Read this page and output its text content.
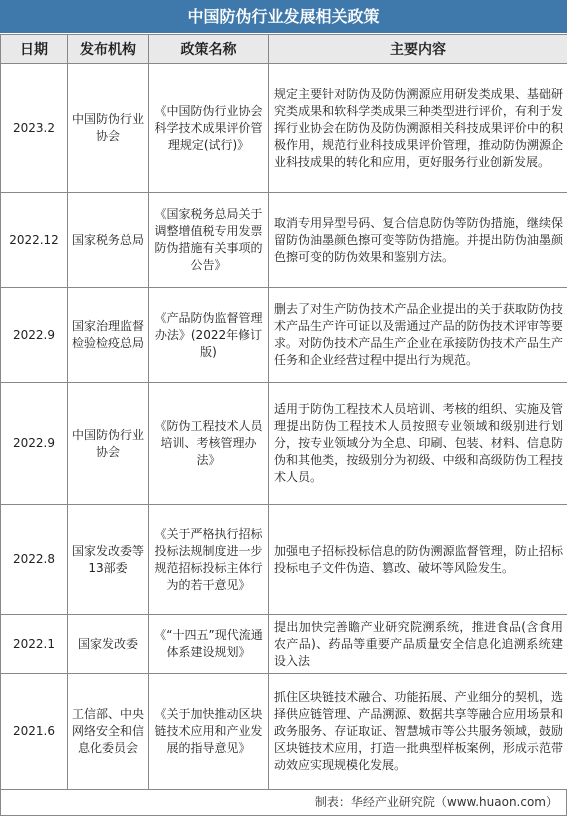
中国防伪行业发展相关政策
日期	发布机构	政策名称	主要内容
2023.2	中国防伪行业协会	《中国防伪行业协会科学技术成果评价管理规定(试行)》	规定主要针对防伪及防伪溯源应用研发类成果、基础研究类成果和软科学类成果三种类型进行评价，有利于发挥行业协会在防伪及防伪溯源相关科技成果评价中的积极作用，规范行业科技成果评价管理，推动防伪溯源企业科技成果的转化和应用，更好服务行业创新发展。
2022.12	国家税务总局	《国家税务总局关于调整增值税专用发票防伪措施有关事项的公告》	取消专用异型号码、复合信息防伪等防伪措施，继续保留防伪油墨颜色擦可变等防伪措施。并提出防伪油墨颜色擦可变的防伪效果和鉴别方法。
2022.9	国家治理监督检验检疫总局	《产品防伪监督管理办法》(2022年修订版)	删去了对生产防伪技术产品企业提出的关于获取防伪技术产品生产许可证以及需通过产品的防伪技术评审等要求。对防伪技术产品生产企业在承接防伪技术产品生产任务和企业经营过程中提出行为规范。
2022.9	中国防伪行业协会	《防伪工程技术人员培训、考核管理办法》	适用于防伪工程技术人员培训、考核的组织、实施及管理提出防伪工程技术人员按照专业领域和级别进行划分，按专业领域分为全息、印刷、包装、材料、信息防伪和其他类，按级别分为初级、中级和高级防伪工程技术人员。
2022.8	国家发改委等13部委	《关于严格执行招标投标法规制度进一步规范招标投标主体行为的若干意见》	加强电子招标投标信息的防伪溯源监督管理，防止招标投标电子文件伪造、篡改、破坏等风险发生。
2022.1	国家发改委	《“十四五”现代流通体系建设规划》	提出加快完善瞻产业研究院溯系统，推进食品(含食用农产品)、药品等重要产品质量安全信息化追溯系统建设入法
2021.6	工信部、中央网络安全和信息化委员会	《关于加快推动区块链技术应用和产业发展的指导意见》	抓住区块链技术融合、功能拓展、产业细分的契机，选择供应链管理、产品溯源、数据共享等融合应用场景和政务服务、存证取证、智慧城市等公共服务领域，鼓励区块链技术应用，打造一批典型样板案例，形成示范带动效应实现规模化发展。
制表：华经产业研究院（www.huaon.com）
